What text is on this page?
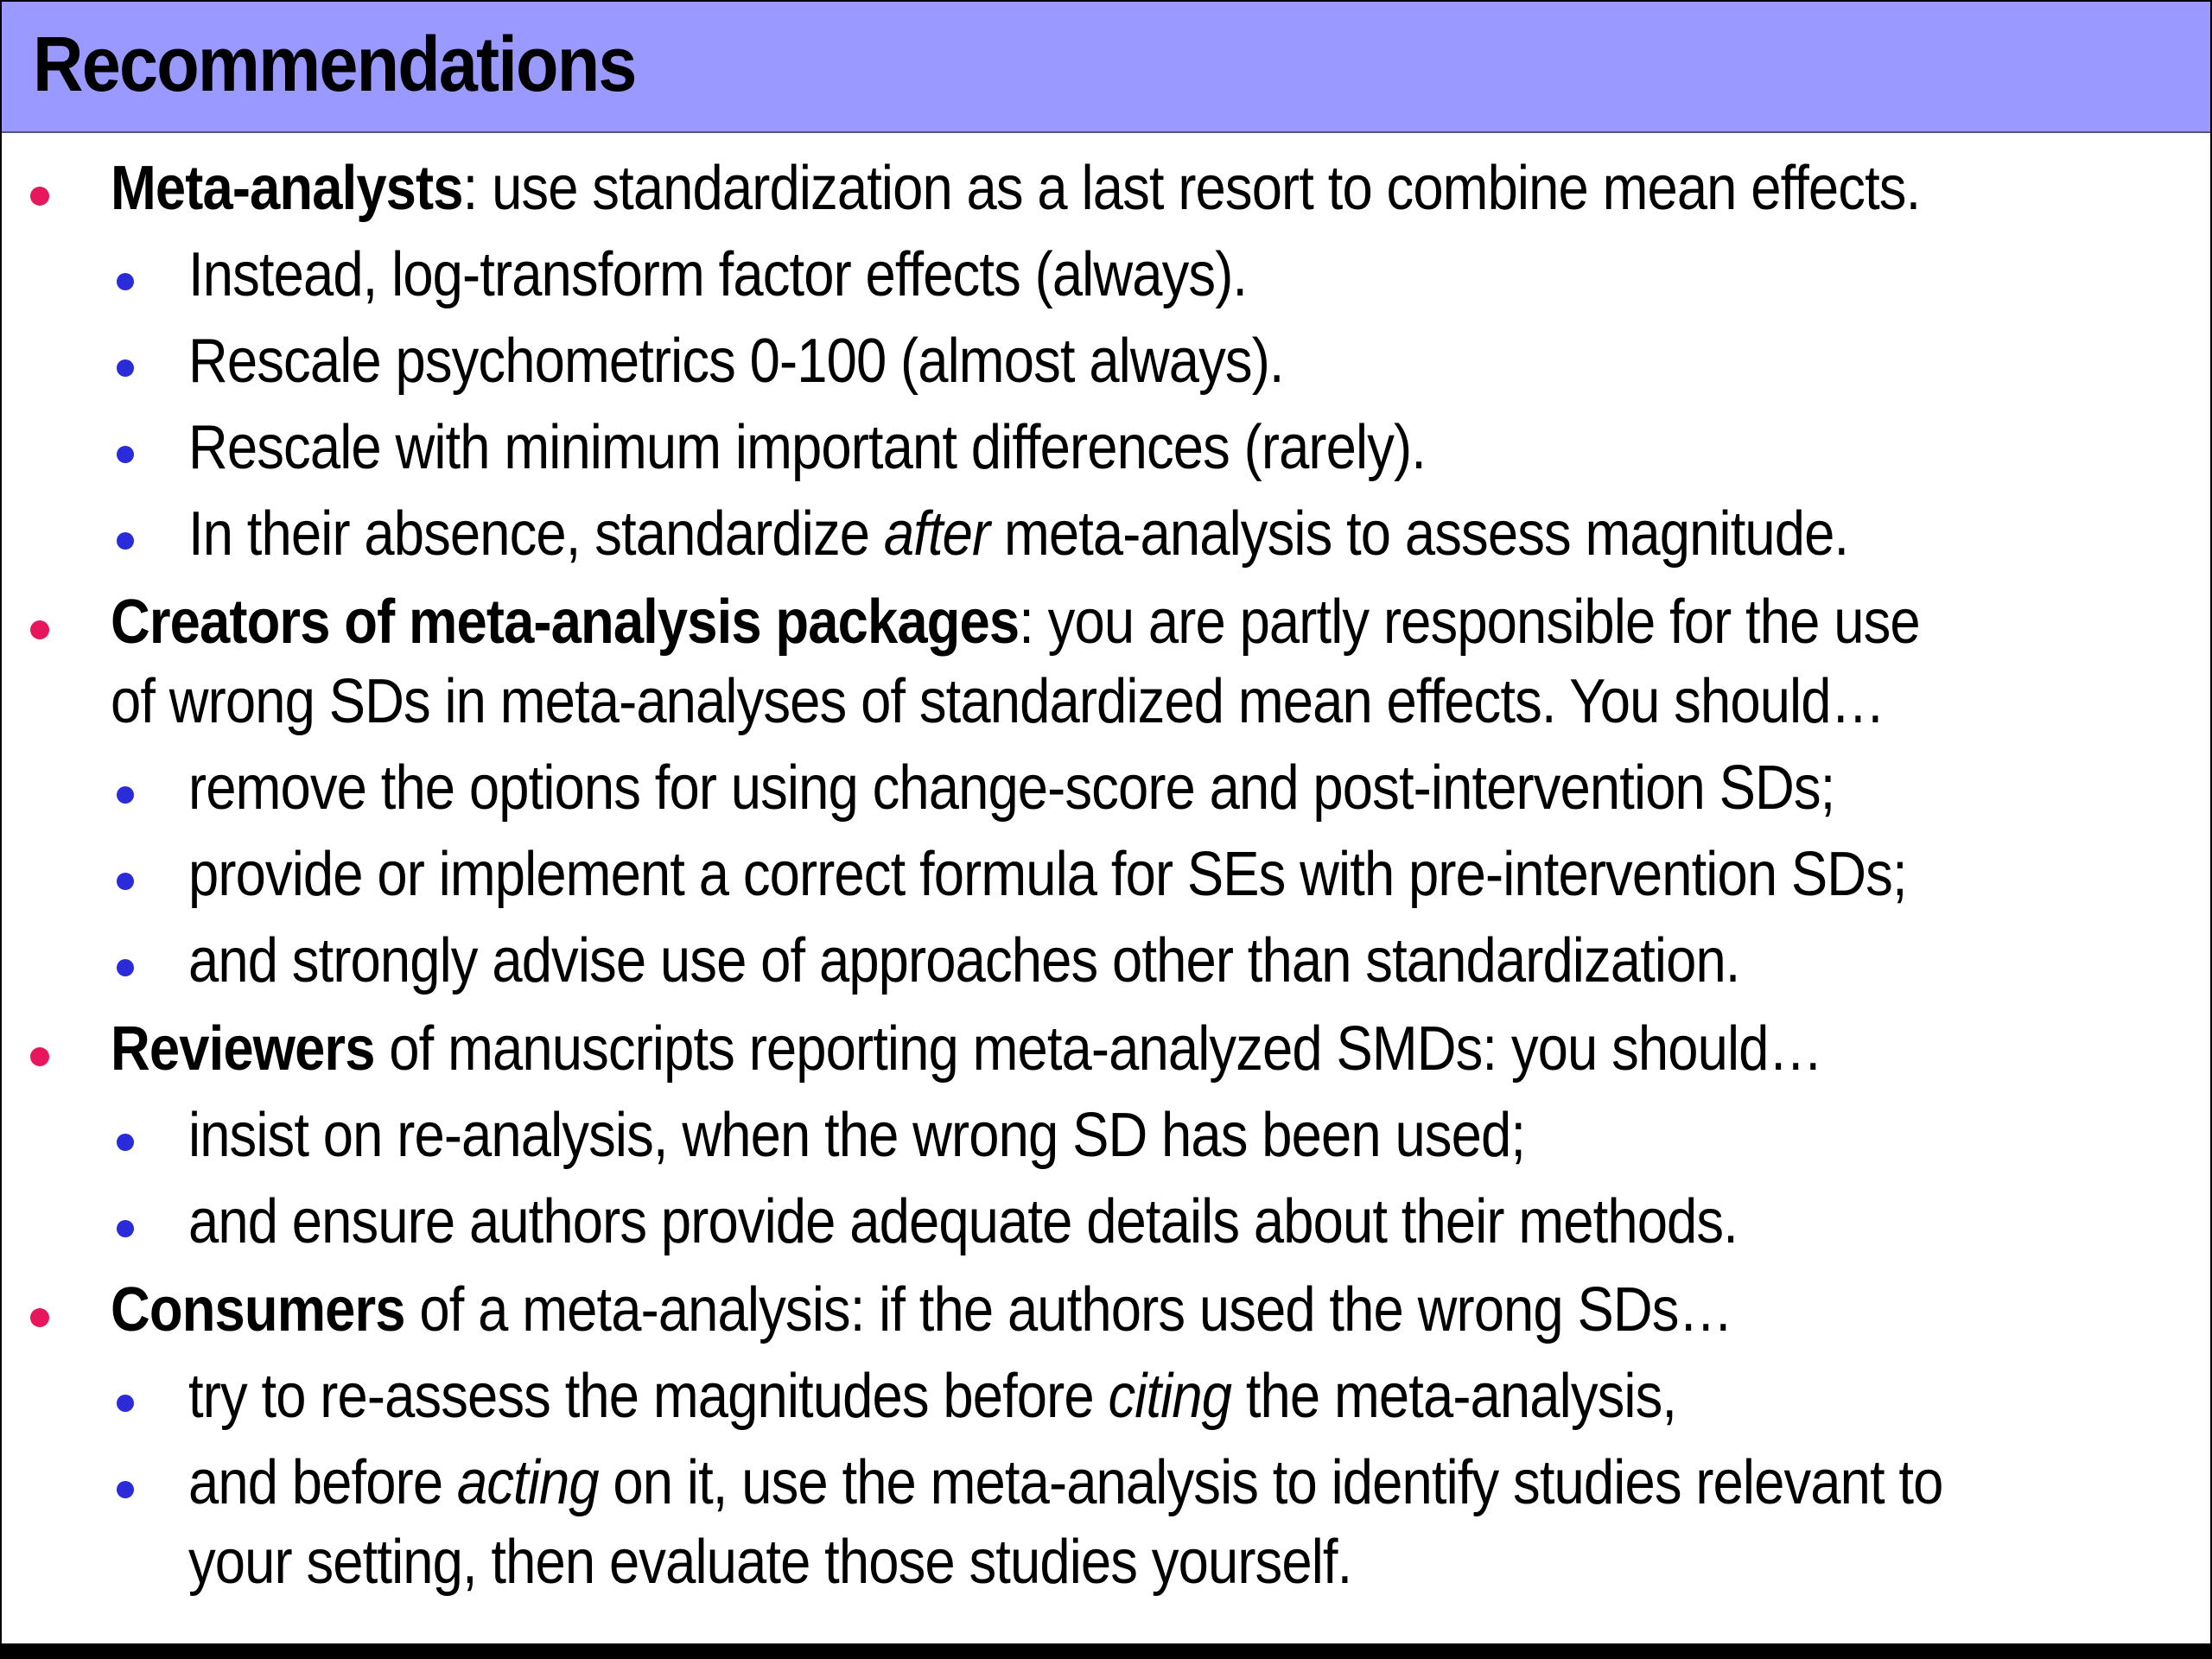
Recommendations
Meta-analysts: use standardization as a last resort to combine mean effects.
Instead, log-transform factor effects (always).
Rescale psychometrics 0-100 (almost always).
Rescale with minimum important differences (rarely).
In their absence, standardize after meta-analysis to assess magnitude.
Creators of meta-analysis packages: you are partly responsible for the use
of wrong SDs in meta-analyses of standardized mean effects. You should…
remove the options for using change-score and post-intervention SDs;
provide or implement a correct formula for SEs with pre-intervention SDs;
and strongly advise use of approaches other than standardization.
Reviewers of manuscripts reporting meta-analyzed SMDs: you should…
insist on re-analysis, when the wrong SD has been used;
and ensure authors provide adequate details about their methods.
Consumers of a meta-analysis: if the authors used the wrong SDs…
try to re-assess the magnitudes before citing the meta-analysis,
and before acting on it, use the meta-analysis to identify studies relevant to
your setting, then evaluate those studies yourself.
